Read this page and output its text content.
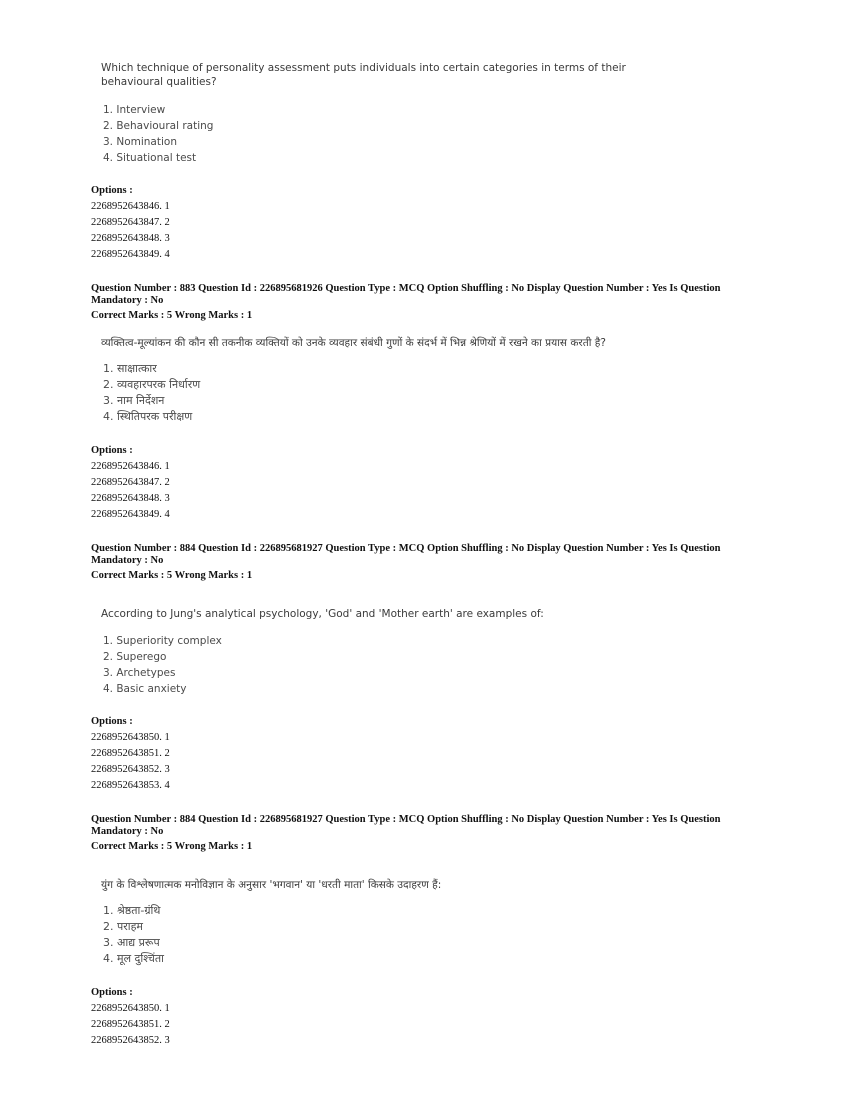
Which technique of personality assessment puts individuals into certain categories in terms of their behavioural qualities?
1. Interview
2. Behavioural rating
3. Nomination
4. Situational test
Options :
2268952643846. 1
2268952643847. 2
2268952643848. 3
2268952643849. 4
Question Number : 883 Question Id : 226895681926 Question Type : MCQ Option Shuffling : No Display Question Number : Yes Is Question Mandatory : No
Correct Marks : 5 Wrong Marks : 1
व्यक्तित्व-मूल्यांकन की कौन सी तकनीक व्यक्तियों को उनके व्यवहार संबंधी गुणों के संदर्भ में भिन्न श्रेणियों में रखने का प्रयास करती है?
1. साक्षात्कार
2. व्यवहारपरक निर्धारण
3. नाम निर्देशन
4. स्थितिपरक परीक्षण
Options :
2268952643846. 1
2268952643847. 2
2268952643848. 3
2268952643849. 4
Question Number : 884 Question Id : 226895681927 Question Type : MCQ Option Shuffling : No Display Question Number : Yes Is Question Mandatory : No
Correct Marks : 5 Wrong Marks : 1
According to Jung's analytical psychology, 'God' and 'Mother earth' are examples of:
1. Superiority complex
2. Superego
3. Archetypes
4. Basic anxiety
Options :
2268952643850. 1
2268952643851. 2
2268952643852. 3
2268952643853. 4
Question Number : 884 Question Id : 226895681927 Question Type : MCQ Option Shuffling : No Display Question Number : Yes Is Question Mandatory : No
Correct Marks : 5 Wrong Marks : 1
युंग के विश्लेषणात्मक मनोविज्ञान के अनुसार 'भगवान' या 'धरती माता' किसके उदाहरण हैं:
1. श्रेष्ठता-ग्रंथि
2. पराहम
3. आद्य प्ररूप
4. मूल दुश्चिंता
Options :
2268952643850. 1
2268952643851. 2
2268952643852. 3
